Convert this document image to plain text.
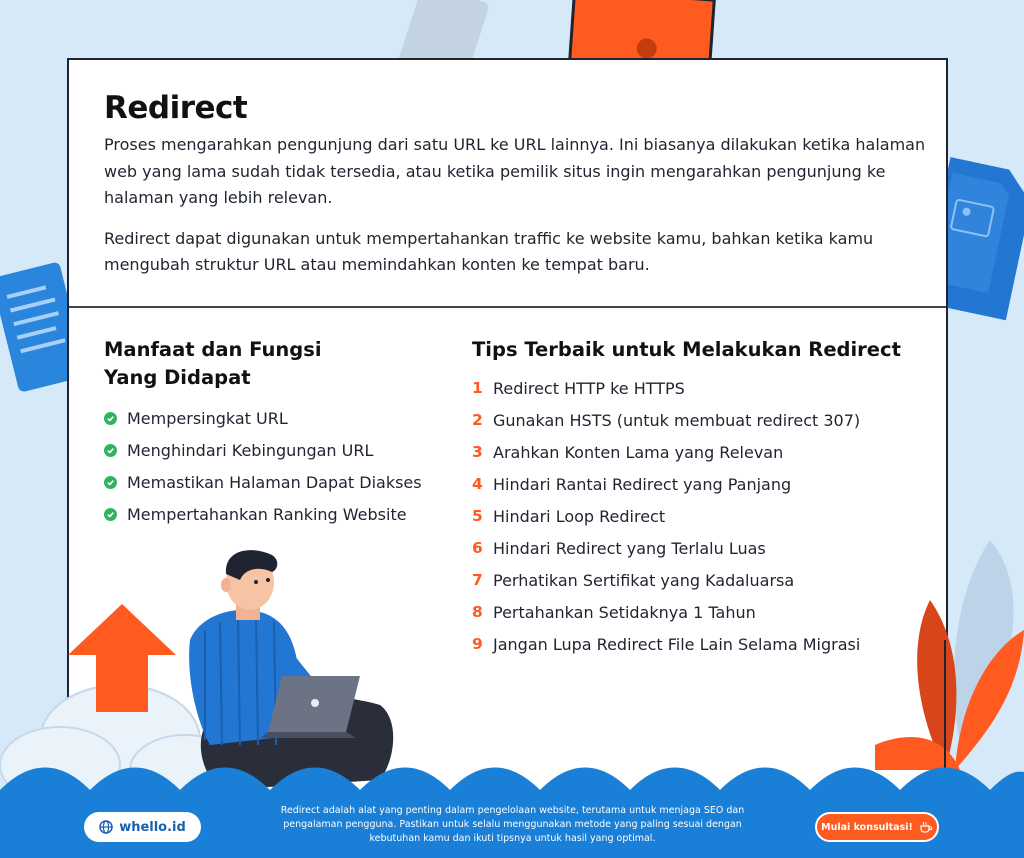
Redirect

Proses mengarahkan pengunjung dari satu URL ke URL lainnya. Ini biasanya dilakukan ketika halaman web yang lama sudah tidak tersedia, atau ketika pemilik situs ingin mengarahkan pengunjung ke halaman yang lebih relevan.

Redirect dapat digunakan untuk mempertahankan traffic ke website kamu, bahkan ketika kamu mengubah struktur URL atau memindahkan konten ke tempat baru.

Manfaat dan Fungsi
Yang Didapat
Mempersingkat URL
Menghindari Kebingungan URL
Memastikan Halaman Dapat Diakses
Mempertahankan Ranking Website
Tips Terbaik untuk Melakukan Redirect
1 Redirect HTTP ke HTTPS
2 Gunakan HSTS (untuk membuat redirect 307)
3 Arahkan Konten Lama yang Relevan
4 Hindari Rantai Redirect yang Panjang
5 Hindari Loop Redirect
6 Hindari Redirect yang Terlalu Luas
7 Perhatikan Sertifikat yang Kadaluarsa
8 Pertahankan Setidaknya 1 Tahun
9 Jangan Lupa Redirect File Lain Selama Migrasi
whello.id

Redirect adalah alat yang penting dalam pengelolaan website, terutama untuk menjaga SEO dan pengalaman pengguna. Pastikan untuk selalu menggunakan metode yang paling sesuai dengan kebutuhan kamu dan ikuti tipsnya untuk hasil yang optimal.

Mulai konsultasi!
